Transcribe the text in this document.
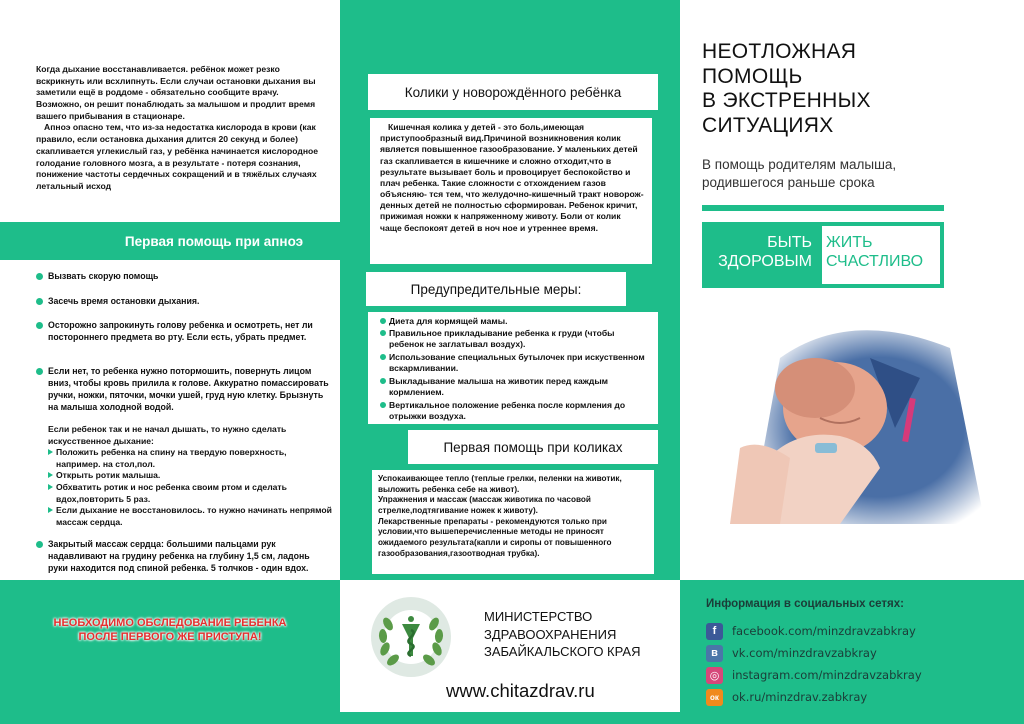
Когда дыхание восстанавливается. ребёнок может резко вскрикнуть или всхлипнуть. Если случаи остановки дыхания вы заметили ещё в роддоме - обязательно сообщите врачу. Возможно, он решит понаблюдать за малышом и продлит время вашего прибывания в стационаре.

Апноэ опасно тем, что из-за недостатка кислорода в крови (как правило, если остановка дыхания длится 20 секунд и более) скапливается углекислый газ, у ребёнка начинается кислородное голодание головного мозга, а в результате - потеря сознания, понижение частоты сердечных сокращений и в тяжёлых случаях летальный исход

Первая помощь при апноэ
Вызвать скорую помощь
Засечь время остановки дыхания.
Осторожно запрокинуть голову ребенка и осмотреть, нет ли постороннего предмета во рту. Если есть, убрать предмет.
Если нет, то ребенка нужно потормошить, повернуть лицом вниз, чтобы кровь прилила к голове. Аккуратно помассировать ручки, ножки, пяточки, мочки ушей, груд ную клетку. Брызнуть на малыша холодной водой.
Если ребенок так и не начал дышать, то нужно сделать искусственное дыхание:
Положить ребенка на спину на твердую поверхность, например. на стол,пол.
Открыть ротик малыша.
Обхватить ротик и нос ребенка своим ртом и сделать вдох,повторить 5 раз.
Если дыхание не восстановилось. то нужно начинать непрямой массаж сердца.
Закрытый массаж сердца: большими пальцами рук надавливают на грудину ребенка на глубину 1,5 см, ладонь руки находится под спиной ребенка. 5 толчков - один вдох.
Колики у новорождённого ребёнка
Кишечная колика у детей - это боль,имеющая приступообразный вид.Причиной возникновения колик является повышенное газообразование. У маленьких детей газ скапливается в кишечнике и сложно отходит,что в результате вызывает боль и провоцирует беспокойство и плач ребенка. Такие сложности с отхождением газов объясняю- тся тем, что желудочно-кишечный тракт новорож- денных детей не полностью сформирован. Ребенок кричит, прижимая ножки к напряженному животу. Боли от колик чаще беспокоят детей в ноч ное и утреннее время.
Предупредительные меры:
Диета для кормящей мамы.
Правильное прикладывание ребенка к груди (чтобы ребенок не заглатывал воздух).
Использование специальных бутылочек при искуственном вскармливании.
Выкладывание малыша на животик перед каждым кормлением.
Вертикальное положение ребенка после кормления до отрыжки воздуха.
Первая помощь при коликах
Успокаивающее тепло (теплые грелки, пеленки на животик, выложить ребенка себе на живот).
Упражнения и массаж (массаж животика по часовой стрелке,подтягивание ножек к животу).
Лекарственные препараты - рекомендуются только при условии,что вышеперечисленные методы не приносят ожидаемого результата(капли и сиропы от повышенного газообразования,газоотводная трубка).
НЕОБХОДИМО ОБСЛЕДОВАНИЕ РЕБЕНКА
ПОСЛЕ ПЕРВОГО ЖЕ ПРИСТУПА!
МИНИСТЕРСТВО
ЗДРАВООХРАНЕНИЯ
ЗАБАЙКАЛЬСКОГО КРАЯ
www.chitazdrav.ru
Информация в социальных сетях:
f	facebook.com/minzdravzabkray
в	vk.com/minzdravzabkray
◎	instagram.com/minzdravzabkray
ок	ok.ru/minzdrav.zabkray
НЕОТЛОЖНАЯ
ПОМОЩЬ
В ЭКСТРЕННЫХ
СИТУАЦИЯХ
В помощь родителям малыша,
родившегося раньше срока
БЫТЬ
ЗДОРОВЫМ
ЖИТЬ
СЧАСТЛИВО
